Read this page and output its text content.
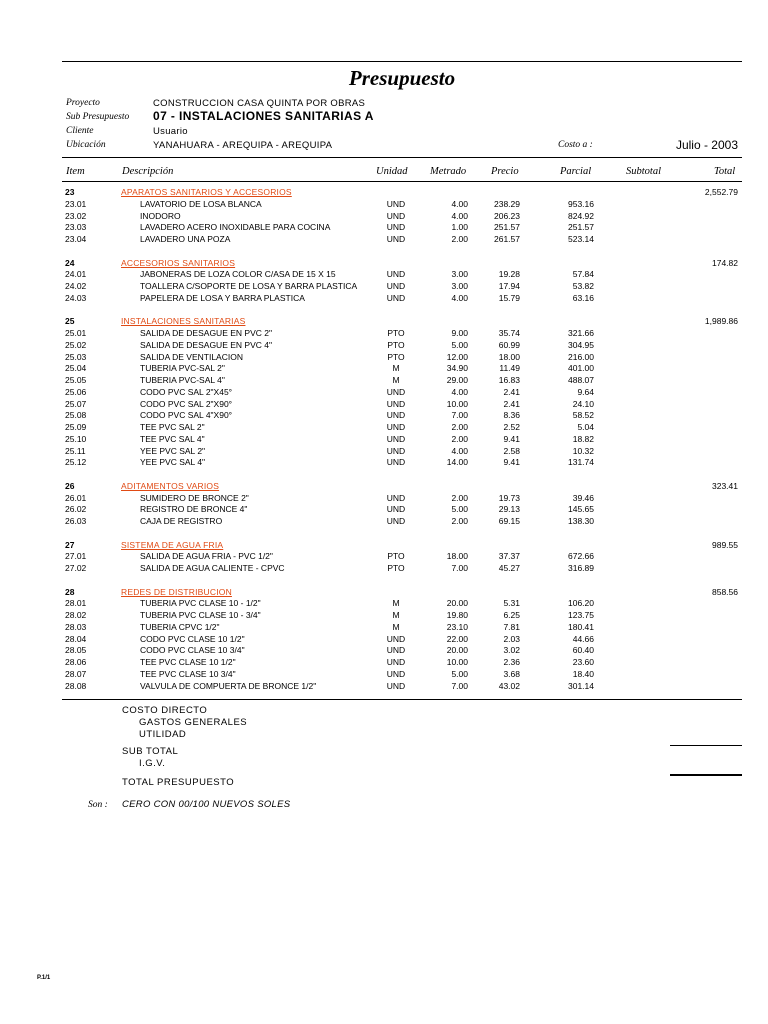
Presupuesto
Proyecto	CONSTRUCCION CASA QUINTA POR OBRAS
Sub Presupuesto 07 - INSTALACIONES SANITARIAS A
Cliente	Usuario
Ubicación	YANAHUARA - AREQUIPA - AREQUIPA	Costo a :	Julio - 2003
Item	Descripción	Unidad Metrado Precio	Parcial	Subtotal	Total
23	APARATOS SANITARIOS Y ACCESORIOS	2,552.79
23.01	LAVATORIO DE LOSA BLANCA	UND	4.00	238.29	953.16
23.02	INODORO	UND	4.00	206.23	824.92
23.03	LAVADERO ACERO INOXIDABLE PARA COCINA	UND	1.00	251.57	251.57
23.04	LAVADERO UNA POZA	UND	2.00	261.57	523.14
24	ACCESORIOS SANITARIOS	174.82
24.01	JABONERAS DE LOZA COLOR C/ASA DE 15 X 15	UND	3.00	19.28	57.84
24.02	TOALLERA C/SOPORTE DE LOSA Y BARRA PLASTICA	UND	3.00	17.94	53.82
24.03	PAPELERA DE LOSA Y BARRA PLASTICA	UND	4.00	15.79	63.16
25	INSTALACIONES SANITARIAS	1,989.86
25.01	SALIDA DE DESAGUE EN PVC 2"	PTO	9.00	35.74	321.66
25.02	SALIDA DE DESAGUE EN PVC 4"	PTO	5.00	60.99	304.95
25.03	SALIDA DE VENTILACION	PTO	12.00	18.00	216.00
25.04	TUBERIA PVC-SAL 2"	M	34.90	11.49	401.00
25.05	TUBERIA PVC-SAL 4"	M	29.00	16.83	488.07
25.06	CODO PVC SAL 2"X45°	UND	4.00	2.41	9.64
25.07	CODO PVC SAL 2"X90°	UND	10.00	2.41	24.10
25.08	CODO PVC SAL 4"X90°	UND	7.00	8.36	58.52
25.09	TEE PVC SAL 2"	UND	2.00	2.52	5.04
25.10	TEE PVC SAL 4"	UND	2.00	9.41	18.82
25.11	YEE PVC SAL 2"	UND	4.00	2.58	10.32
25.12	YEE PVC SAL 4"	UND	14.00	9.41	131.74
26	ADITAMENTOS VARIOS	323.41
26.01	SUMIDERO DE BRONCE 2"	UND	2.00	19.73	39.46
26.02	REGISTRO DE BRONCE 4"	UND	5.00	29.13	145.65
26.03	CAJA DE REGISTRO	UND	2.00	69.15	138.30
27	SISTEMA DE AGUA FRIA	989.55
27.01	SALIDA DE AGUA FRIA - PVC 1/2"	PTO	18.00	37.37	672.66
27.02	SALIDA DE AGUA CALIENTE - CPVC	PTO	7.00	45.27	316.89
28	REDES DE DISTRIBUCION	858.56
28.01	TUBERIA PVC CLASE 10 - 1/2"	M	20.00	5.31	106.20
28.02	TUBERIA PVC CLASE 10 - 3/4"	M	19.80	6.25	123.75
28.03	TUBERIA CPVC 1/2"	M	23.10	7.81	180.41
28.04	CODO PVC CLASE 10 1/2"	UND	22.00	2.03	44.66
28.05	CODO PVC CLASE 10 3/4"	UND	20.00	3.02	60.40
28.06	TEE PVC CLASE 10 1/2"	UND	10.00	2.36	23.60
28.07	TEE PVC CLASE 10 3/4"	UND	5.00	3.68	18.40
28.08	VALVULA DE COMPUERTA DE BRONCE 1/2"	UND	7.00	43.02	301.14
COSTO DIRECTO
GASTOS GENERALES
UTILIDAD
SUB TOTAL
I.G.V.
TOTAL PRESUPUESTO
Son : CERO CON 00/100 NUEVOS SOLES
P.1/1
